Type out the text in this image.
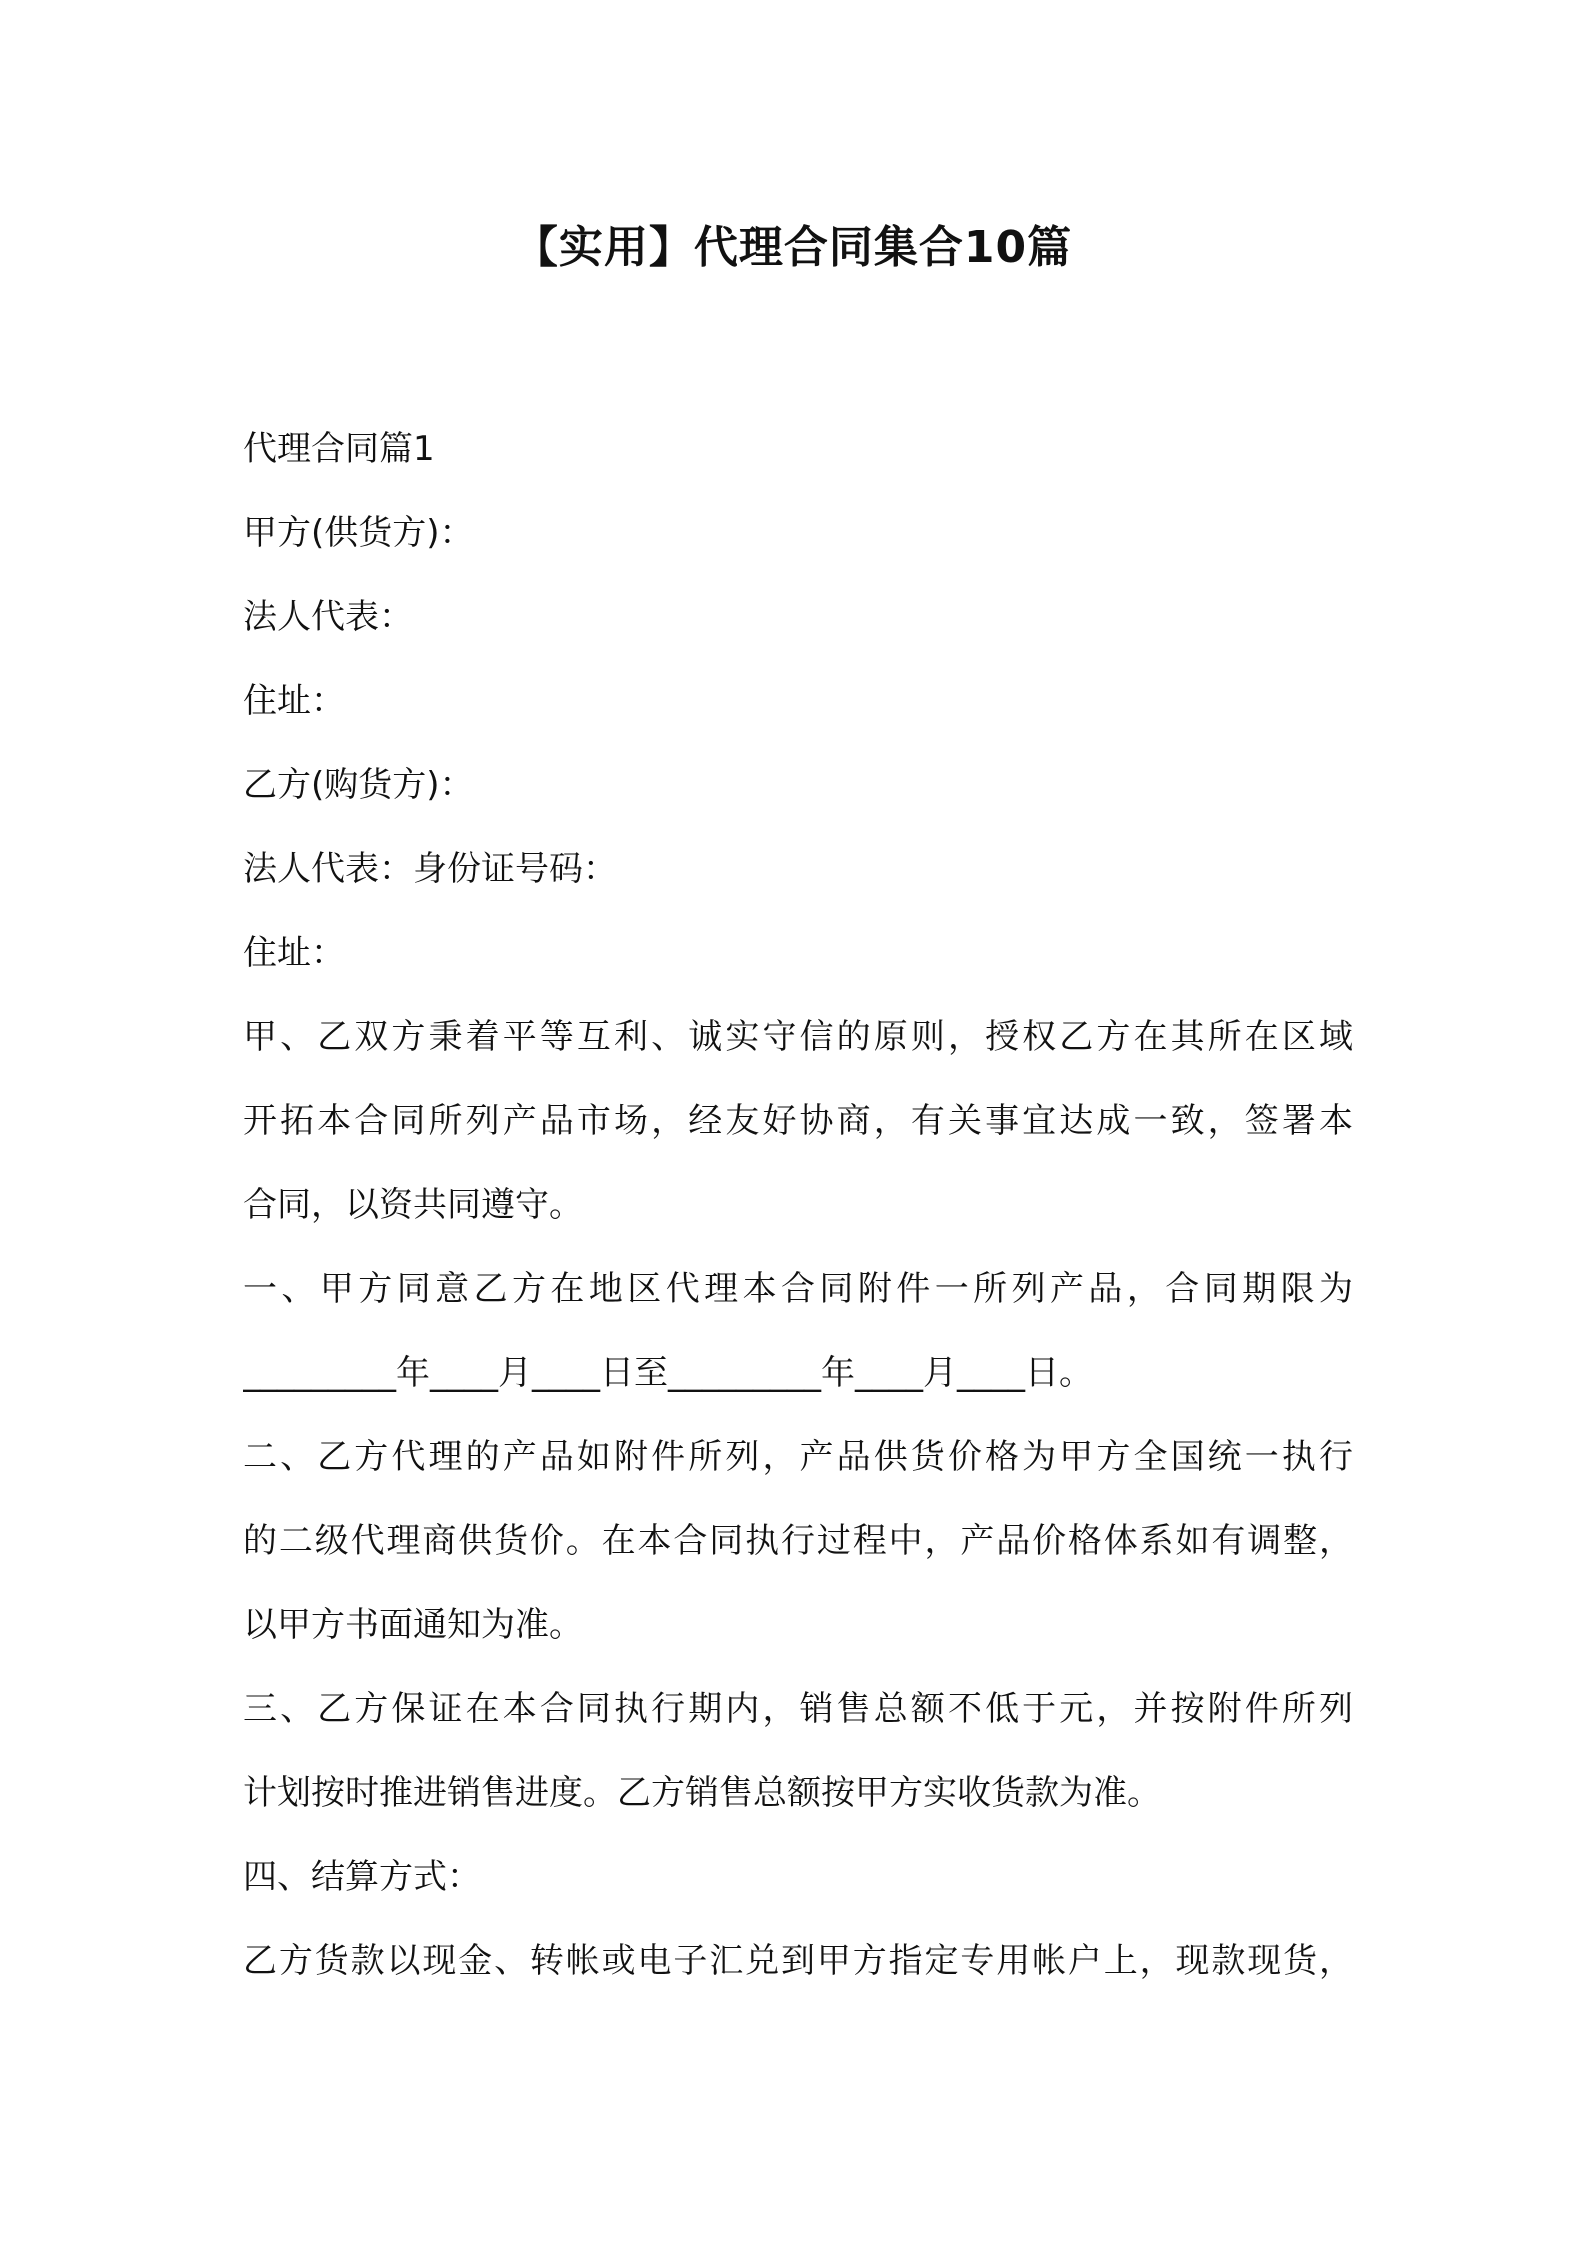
【实用】代理合同集合10篇
代理合同篇1
甲方(供货方)：
法人代表：
住址：
乙方(购货方)：
法人代表：身份证号码：
住址：
甲、乙双方秉着平等互利、诚实守信的原则，授权乙方在其所在区域
开拓本合同所列产品市场，经友好协商，有关事宜达成一致，签署本
合同，以资共同遵守。
一、甲方同意乙方在地区代理本合同附件一所列产品，合同期限为
_________年____月____日至_________年____月____日。
二、乙方代理的产品如附件所列，产品供货价格为甲方全国统一执行
的二级代理商供货价。在本合同执行过程中，产品价格体系如有调整，
以甲方书面通知为准。
三、乙方保证在本合同执行期内，销售总额不低于元，并按附件所列
计划按时推进销售进度。乙方销售总额按甲方实收货款为准。
四、结算方式：
乙方货款以现金、转帐或电子汇兑到甲方指定专用帐户上，现款现货，
